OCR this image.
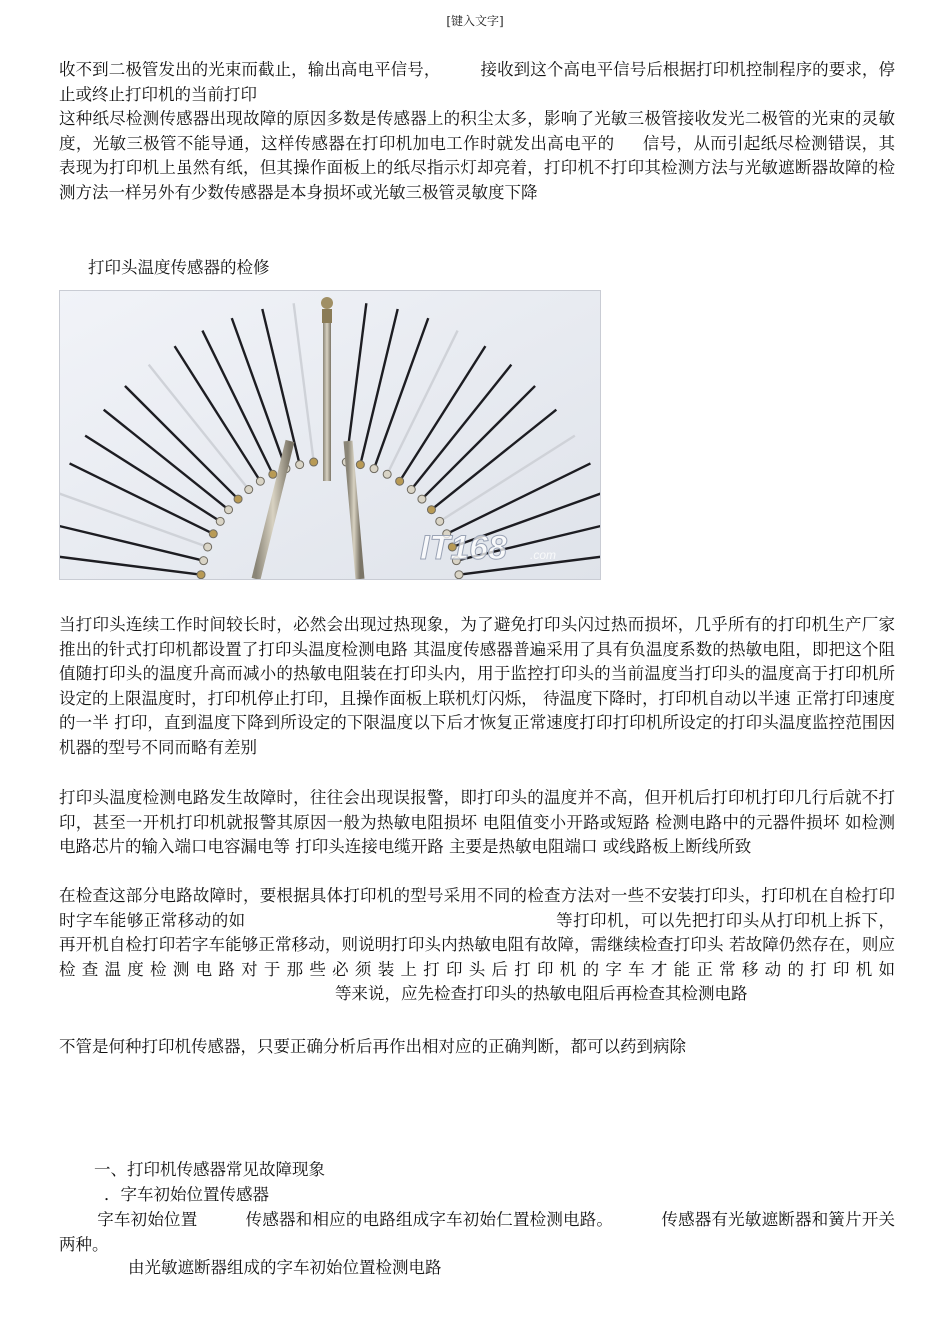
[键入文字]

收不到二极管发出的光束而截止，输出高电平信号， 接收到这个高电平信号后根据打印机控制程序的要求，停止或终止打印机的当前打印

这种纸尽检测传感器出现故障的原因多数是传感器上的积尘太多，影响了光敏三极管接收发光二极管的光束的灵敏度，光敏三极管不能导通，这样传感器在打印机加电工作时就发出高电平的 信号，从而引起纸尽检测错误，其表现为打印机上虽然有纸，但其操作面板上的纸尽指示灯却亮着，打印机不打印其检测方法与光敏遮断器故障的检测方法一样另外有少数传感器是本身损坏或光敏三极管灵敏度下降

打印头温度传感器的检修

IT168 .com

当打印头连续工作时间较长时，必然会出现过热现象，为了避免打印头闪过热而损坏，几乎所有的打印机生产厂家推出的针式打印机都设置了打印头温度检测电路 其温度传感器普遍采用了具有负温度系数的热敏电阻，即把这个阻值随打印头的温度升高而减小的热敏电阻装在打印头内，用于监控打印头的当前温度当打印头的温度高于打印机所设定的上限温度时，打印机停止打印，且操作面板上联机灯闪烁， 待温度下降时，打印机自动以半速 正常打印速度的一半 打印，直到温度下降到所设定的下限温度以下后才恢复正常速度打印打印机所设定的打印头温度监控范围因机器的型号不同而略有差别

打印头温度检测电路发生故障时，往往会出现误报警，即打印头的温度并不高，但开机后打印机打印几行后就不打印，甚至一开机打印机就报警其原因一般为热敏电阻损坏 电阻值变小开路或短路 检测电路中的元器件损坏 如检测电路芯片的输入端口电容漏电等 打印头连接电缆开路 主要是热敏电阻端口 或线路板上断线所致

在检查这部分电路故障时，要根据具体打印机的型号采用不同的检查方法对一些不安装打印头，打印机在自检打印时字车能够正常移动的如	等打印机，可以先把打印头从打印机上拆下，再开机自检打印若字车能够正常移动，则说明打印头内热敏电阻有故障，需继续检查打印头 若故障仍然存在，则应检查温度检测电路对于那些必须装上打印头后打印机的字车才能正常移动的打印机如等来说，应先检查打印头的热敏电阻后再检查其检测电路

不管是何种打印机传感器，只要正确分析后再作出相对应的正确判断，都可以药到病除

一、打印机传感器常见故障现象

．字车初始位置传感器

字车初始位置	传感器和相应的电路组成字车初始仁置检测电路。	传感器有光敏遮断器和簧片开关两种。

由光敏遮断器组成的字车初始位置检测电路
